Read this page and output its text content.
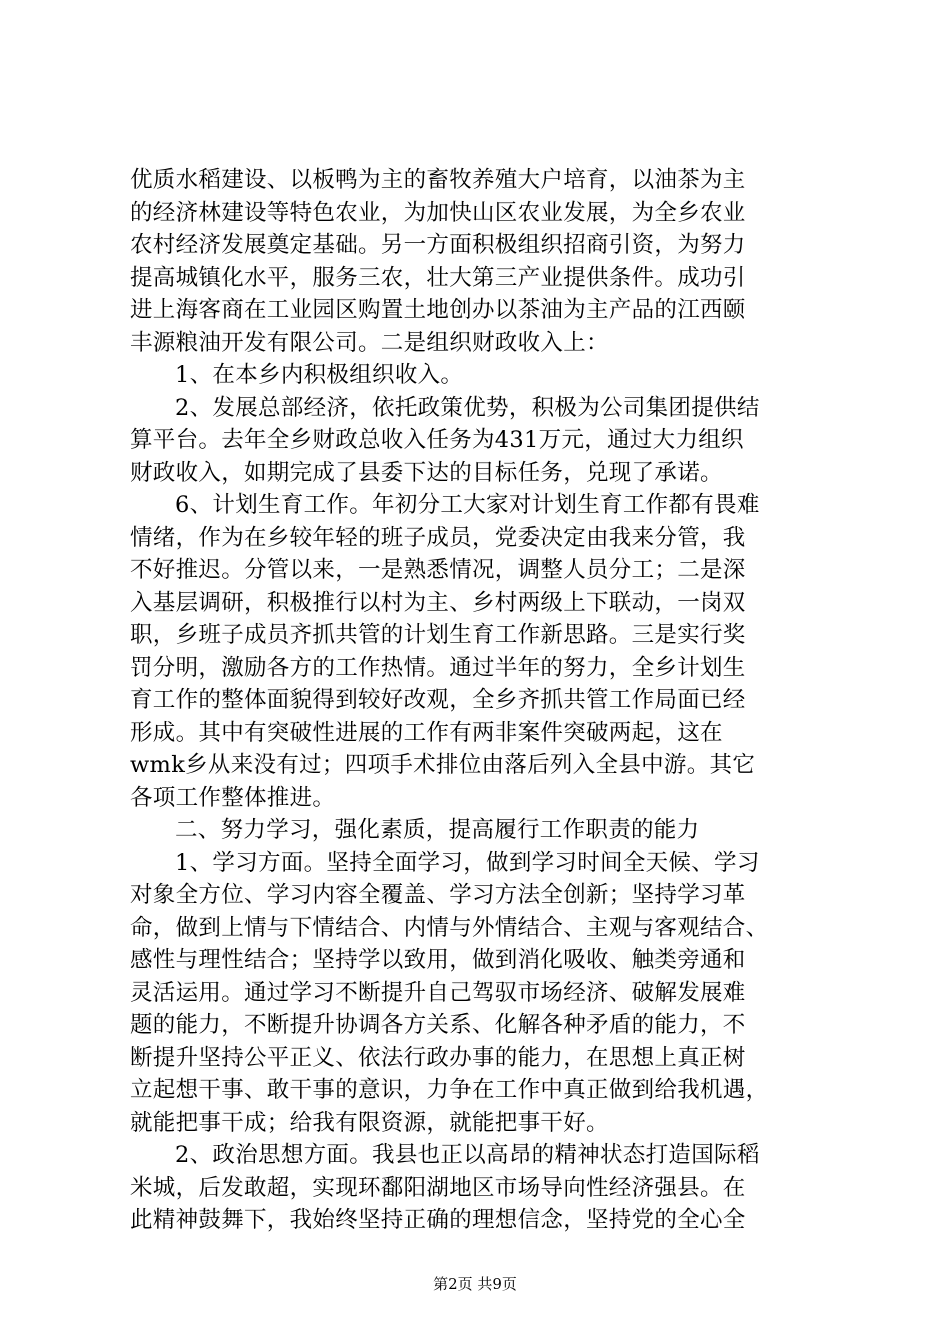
优质水稻建设、以板鸭为主的畜牧养殖大户培育，以油茶为主
的经济林建设等特色农业，为加快山区农业发展，为全乡农业
农村经济发展奠定基础。另一方面积极组织招商引资，为努力
提高城镇化水平，服务三农，壮大第三产业提供条件。成功引
进上海客商在工业园区购置土地创办以茶油为主产品的江西颐
丰源粮油开发有限公司。二是组织财政收入上：
1、在本乡内积极组织收入。
2、发展总部经济，依托政策优势，积极为公司集团提供结
算平台。去年全乡财政总收入任务为431万元，通过大力组织
财政收入，如期完成了县委下达的目标任务，兑现了承诺。
6、计划生育工作。年初分工大家对计划生育工作都有畏难
情绪，作为在乡较年轻的班子成员，党委决定由我来分管，我
不好推迟。分管以来，一是熟悉情况，调整人员分工；二是深
入基层调研，积极推行以村为主、乡村两级上下联动，一岗双
职，乡班子成员齐抓共管的计划生育工作新思路。三是实行奖
罚分明，激励各方的工作热情。通过半年的努力，全乡计划生
育工作的整体面貌得到较好改观，全乡齐抓共管工作局面已经
形成。其中有突破性进展的工作有两非案件突破两起，这在
wmk乡从来没有过；四项手术排位由落后列入全县中游。其它
各项工作整体推进。
二、努力学习，强化素质，提高履行工作职责的能力
1、学习方面。坚持全面学习，做到学习时间全天候、学习
对象全方位、学习内容全覆盖、学习方法全创新；坚持学习革
命，做到上情与下情结合、内情与外情结合、主观与客观结合、
感性与理性结合；坚持学以致用，做到消化吸收、触类旁通和
灵活运用。通过学习不断提升自己驾驭市场经济、破解发展难
题的能力，不断提升协调各方关系、化解各种矛盾的能力，不
断提升坚持公平正义、依法行政办事的能力，在思想上真正树
立起想干事、敢干事的意识，力争在工作中真正做到给我机遇，
就能把事干成；给我有限资源，就能把事干好。
2、政治思想方面。我县也正以高昂的精神状态打造国际稻
米城，后发敢超，实现环鄱阳湖地区市场导向性经济强县。在
此精神鼓舞下，我始终坚持正确的理想信念，坚持党的全心全
第2页 共9页
